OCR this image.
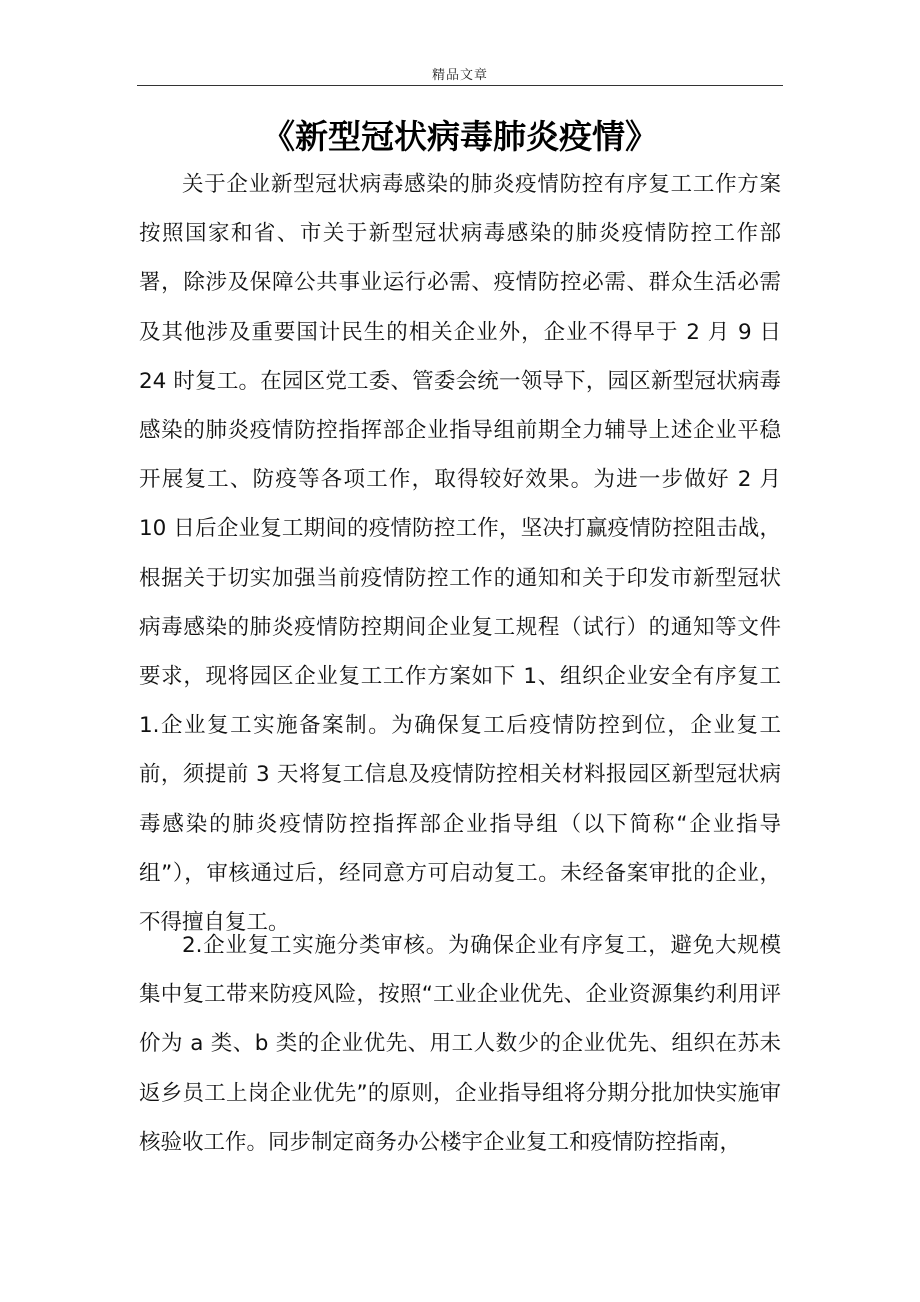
精品文章
《新型冠状病毒肺炎疫情》

关于企业新型冠状病毒感染的肺炎疫情防控有序复工工作方案按照国家和省、市关于新型冠状病毒感染的肺炎疫情防控工作部署，除涉及保障公共事业运行必需、疫情防控必需、群众生活必需及其他涉及重要国计民生的相关企业外，企业不得早于 2 月 9 日 24 时复工。在园区党工委、管委会统一领导下，园区新型冠状病毒感染的肺炎疫情防控指挥部企业指导组前期全力辅导上述企业平稳开展复工、防疫等各项工作，取得较好效果。为进一步做好 2 月 10 日后企业复工期间的疫情防控工作，坚决打赢疫情防控阻击战，根据关于切实加强当前疫情防控工作的通知和关于印发市新型冠状病毒感染的肺炎疫情防控期间企业复工规程（试行）的通知等文件要求，现将园区企业复工工作方案如下 1、组织企业安全有序复工 1.企业复工实施备案制。为确保复工后疫情防控到位，企业复工前，须提前 3 天将复工信息及疫情防控相关材料报园区新型冠状病毒感染的肺炎疫情防控指挥部企业指导组（以下简称“企业指导组”），审核通过后，经同意方可启动复工。未经备案审批的企业，不得擅自复工。

2.企业复工实施分类审核。为确保企业有序复工，避免大规模集中复工带来防疫风险，按照“工业企业优先、企业资源集约利用评价为 a 类、b 类的企业优先、用工人数少的企业优先、组织在苏未返乡员工上岗企业优先”的原则，企业指导组将分期分批加快实施审核验收工作。同步制定商务办公楼宇企业复工和疫情防控指南，
